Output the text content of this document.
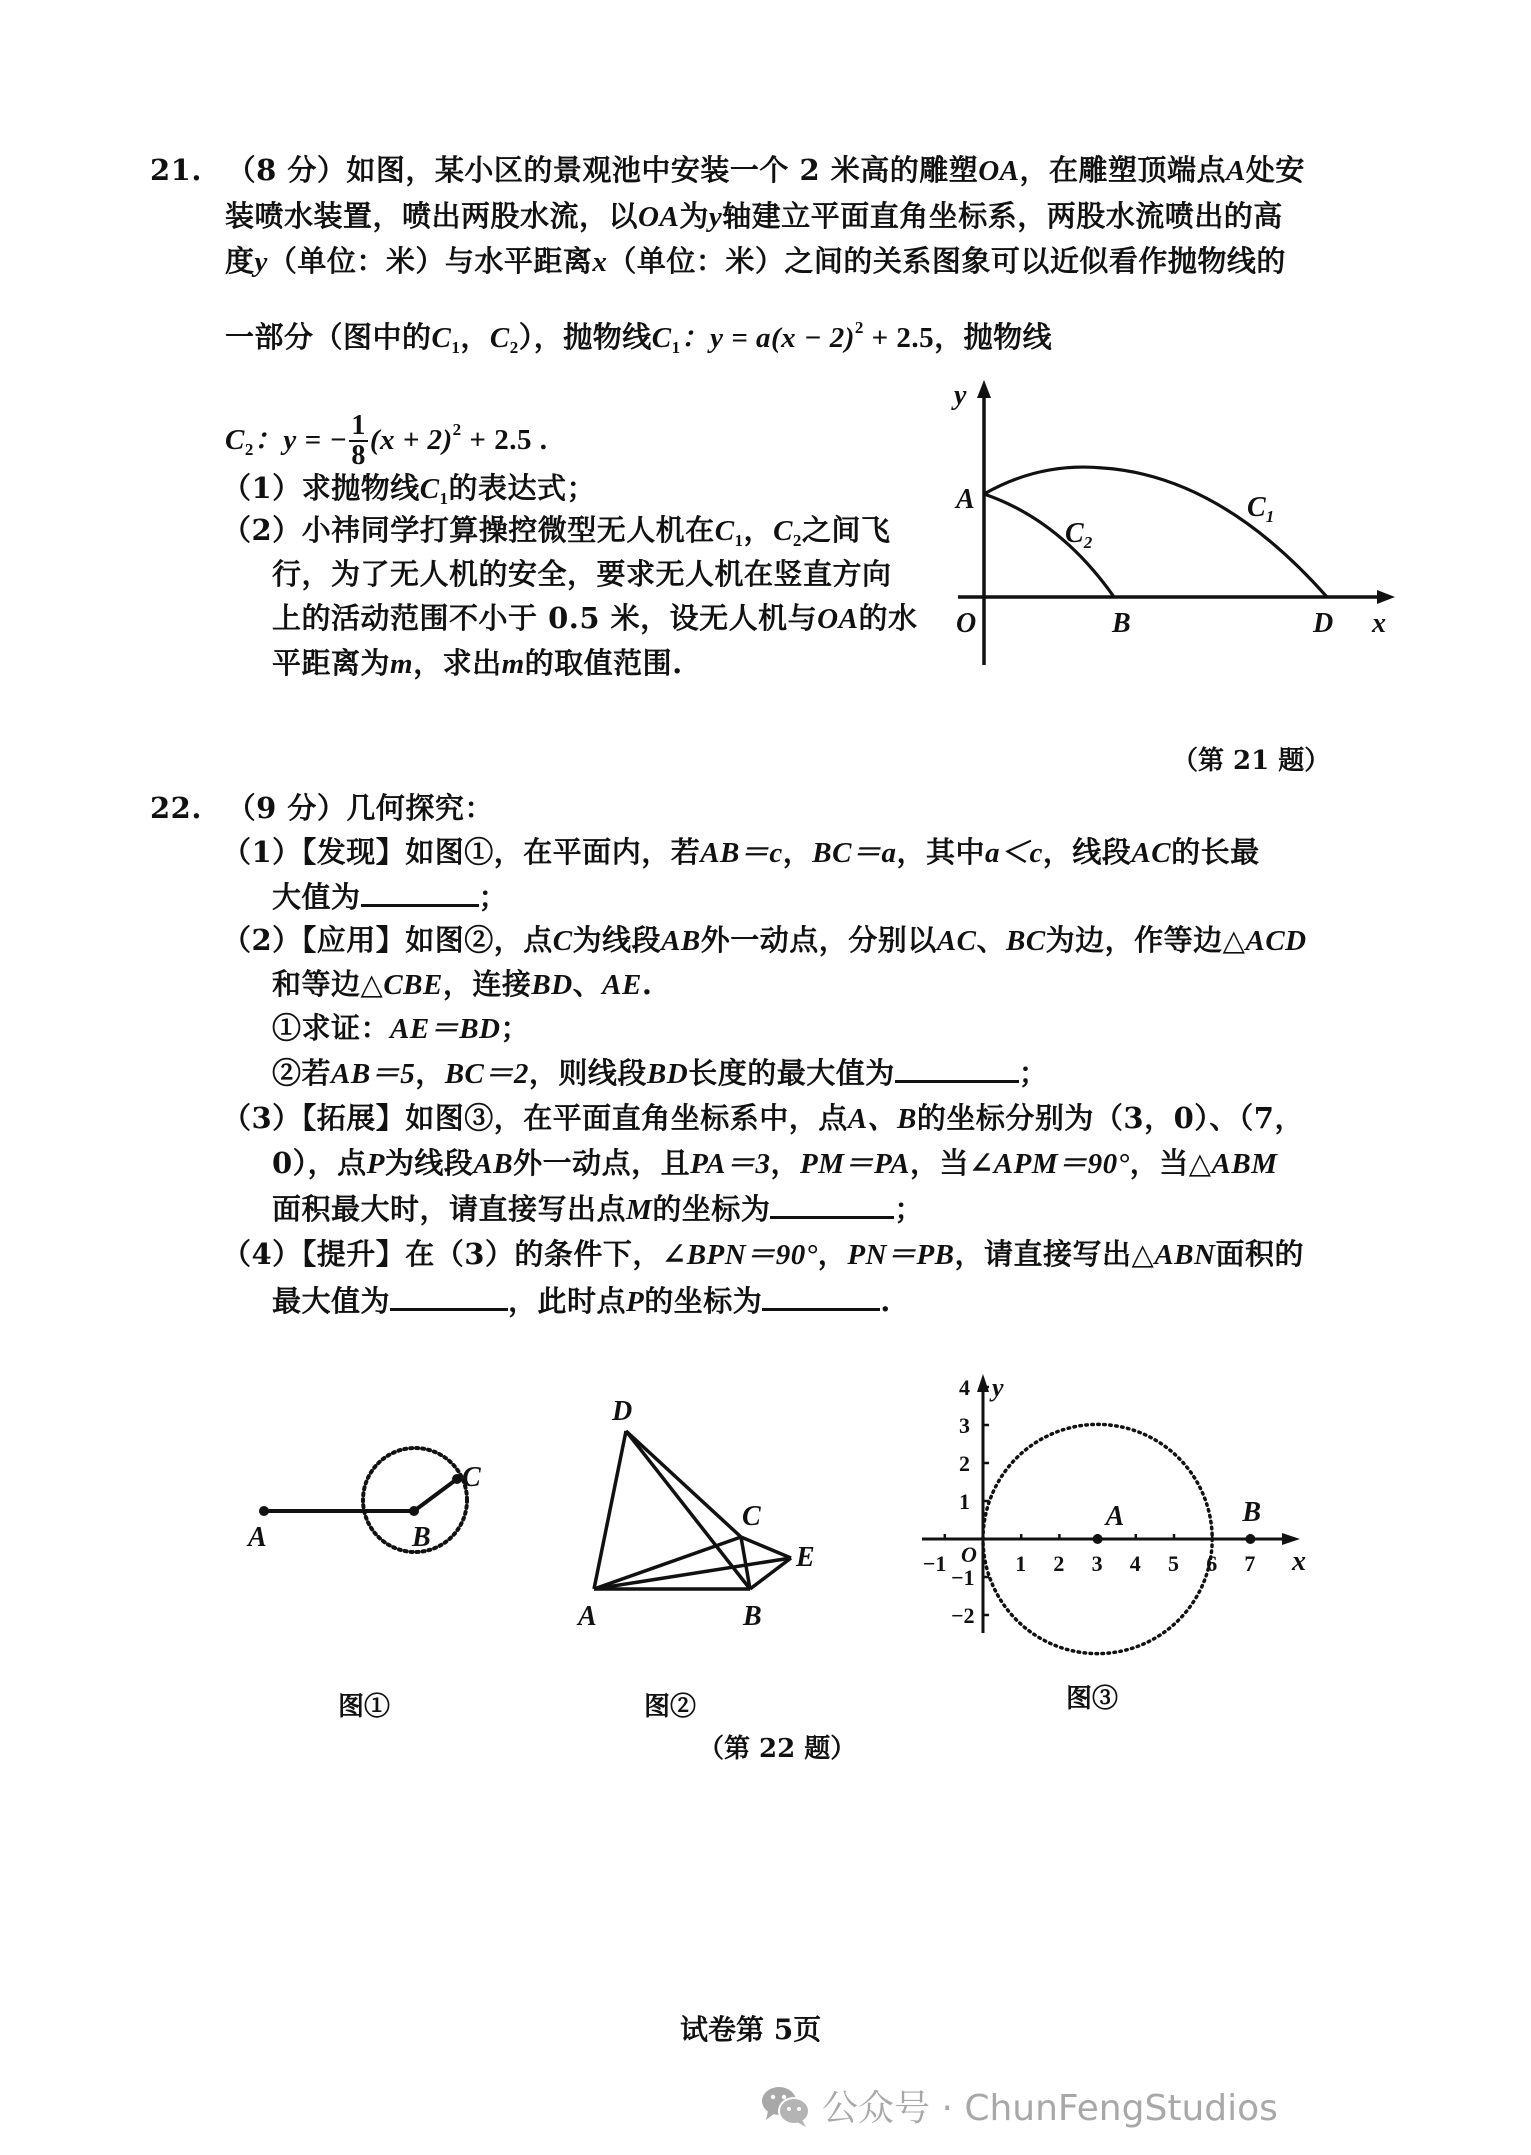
21. （8 分）如图，某小区的景观池中安装一个 2 米高的雕塑OA，在雕塑顶端点A处安
装喷水装置，喷出两股水流，以OA为y轴建立平面直角坐标系，两股水流喷出的高
度y（单位：米）与水平距离x（单位：米）之间的关系图象可以近似看作抛物线的
一部分（图中的$C_1$，$C_2$），抛物线$C_1$：$y = a(x - 2)^2 + 2.5$，抛物线
$C_2$：y = − $\frac{1}{8} (x + 2)^2 + 2.5$ .
（1）求抛物线$C_1$的表达式；
（2）小祎同学打算操控微型无人机在$C_1$，$C_2$之间飞
行，为了无人机的安全，要求无人机在竖直方向
上的活动范围不小于 0.5 米，设无人机与OA的水
平距离为m，求出m的取值范围.
y
A
O	B	D x
$C_1$
$C_2$
（第 21 题）
22. （9 分）几何探究：
（1）【发现】如图①，在平面内，若AB＝c，BC＝a，其中a＜c，线段AC的长最
大值为	；
（2）【应用】如图②，点C为线段AB外一动点，分别以AC、BC为边，作等边△ACD
和等边△CBE，连接BD、AE.
①求证：AE＝BD；
②若AB＝5，BC＝2，则线段BD长度的最大值为	；
（3）【拓展】如图③，在平面直角坐标系中，点A、B的坐标分别为（3，0）、（7，
0），点P为线段AB外一动点，且PA＝3，PM＝PA，当∠APM＝90°，当△ABM
面积最大时，请直接写出点M的坐标为	；
（4）【提升】在（3）的条件下，∠BPN＝90°，PN＝PB，请直接写出△ABN面积的
最大值为	，此时点P的坐标为	.
A	B
C
图①
D
A	B
C
E
图②
x
y
O
−1	1 2 3 4 5 6 7
4
3
2
1
−1
−2
A	B
图③
（第 22 题）
试卷第 5页
公众号 · ChunFengStudios
